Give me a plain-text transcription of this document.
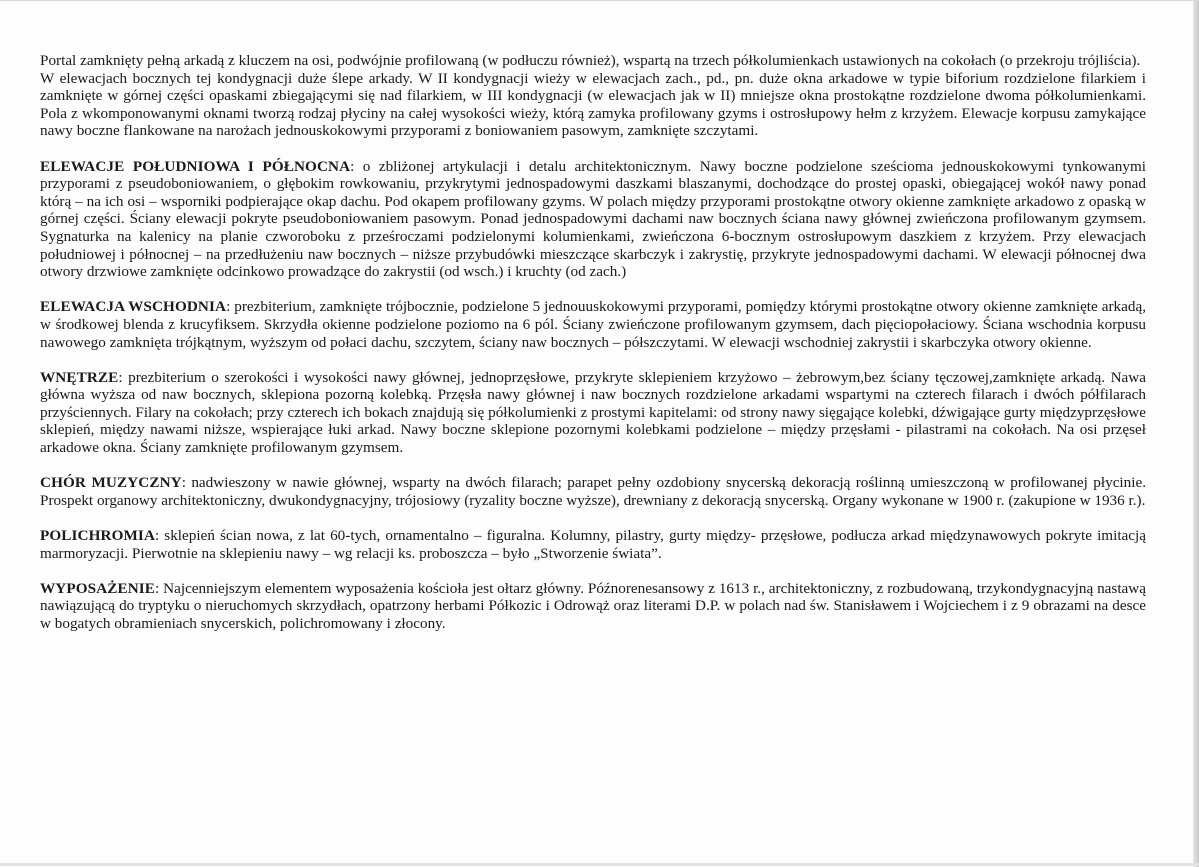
Portal zamknięty pełną arkadą z kluczem na osi, podwójnie profilowaną (w podłuczu również), wspartą na trzech półkolumienkach ustawionych na cokołach (o przekroju trójliścia).
W elewacjach bocznych tej kondygnacji duże ślepe arkady. W II kondygnacji wieży w elewacjach zach., pd., pn. duże okna arkadowe w typie biforium rozdzielone filarkiem i zamknięte w górnej części opaskami zbiegającymi się nad filarkiem, w III kondygnacji (w elewacjach jak w II) mniejsze okna prostokątne rozdzielone dwoma półkolumienkami. Pola z wkomponowanymi oknami tworzą rodzaj płyciny na całej wysokości wieży, którą zamyka profilowany gzyms i ostrosłupowy hełm z krzyżem. Elewacje korpusu zamykające nawy boczne flankowane na narożach jednouskokowymi przyporami z boniowaniem pasowym, zamknięte szczytami.

ELEWACJE POŁUDNIOWA I PÓŁNOCNA: o zbliżonej artykulacji i detalu architektonicznym. Nawy boczne podzielone sześcioma jednouskokowymi tynkowanymi przyporami z pseudoboniowaniem, o głębokim rowkowaniu, przykrytymi jednospadowymi daszkami blaszanymi, dochodzące do prostej opaski, obiegającej wokół nawy ponad którą – na ich osi – wsporniki podpierające okap dachu. Pod okapem profilowany gzyms. W polach między przyporami prostokątne otwory okienne zamknięte arkadowo z opaską w górnej części. Ściany elewacji pokryte pseudoboniowaniem pasowym. Ponad jednospadowymi dachami naw bocznych ściana nawy głównej zwieńczona profilowanym gzymsem. Sygnaturka na kalenicy na planie czworoboku z prześroczami podzielonymi kolumienkami, zwieńczona 6-bocznym ostrosłupowym daszkiem z krzyżem. Przy elewacjach południowej i północnej – na przedłużeniu naw bocznych – niższe przybudówki mieszczące skarbczyk i zakrystię, przykryte jednospadowymi dachami. W elewacji północnej dwa otwory drzwiowe zamknięte odcinkowo prowadzące do zakrystii (od wsch.) i kruchty (od zach.)

ELEWACJA WSCHODNIA: prezbiterium, zamknięte trójbocznie, podzielone 5 jednouuskokowymi przyporami, pomiędzy którymi prostokątne otwory okienne zamknięte arkadą, w środkowej blenda z krucyfiksem. Skrzydła okienne podzielone poziomo na 6 pól. Ściany zwieńczone profilowanym gzymsem, dach pięciopołaciowy. Ściana wschodnia korpusu nawowego zamknięta trójkątnym, wyższym od połaci dachu, szczytem, ściany naw bocznych – półszczytami. W elewacji wschodniej zakrystii i skarbczyka otwory okienne.

WNĘTRZE: prezbiterium o szerokości i wysokości nawy głównej, jednoprzęsłowe, przykryte sklepieniem krzyżowo – żebrowym,bez ściany tęczowej,zamknięte arkadą. Nawa główna wyższa od naw bocznych, sklepiona pozorną kolebką. Przęsła nawy głównej i naw bocznych rozdzielone arkadami wspartymi na czterech filarach i dwóch półfilarach przyściennych. Filary na cokołach; przy czterech ich bokach znajdują się półkolumienki z prostymi kapitelami: od strony nawy sięgające kolebki, dźwigające gurty międzyprzęsłowe sklepień, między nawami niższe, wspierające łuki arkad. Nawy boczne sklepione pozornymi kolebkami podzielone – między przęsłami - pilastrami na cokołach. Na osi przęseł arkadowe okna. Ściany zamknięte profilowanym gzymsem.

CHÓR MUZYCZNY: nadwieszony w nawie głównej, wsparty na dwóch filarach; parapet pełny ozdobiony snycerską dekoracją roślinną umieszczoną w profilowanej płycinie. Prospekt organowy architektoniczny, dwukondygnacyjny, trójosiowy (ryzality boczne wyższe), drewniany z dekoracją snycerską. Organy wykonane w 1900 r. (zakupione w 1936 r.).

POLICHROMIA: sklepień ścian nowa, z lat 60-tych, ornamentalno – figuralna. Kolumny, pilastry, gurty między- przęsłowe, podłucza arkad międzynawowych pokryte imitacją marmoryzacji. Pierwotnie na sklepieniu nawy – wg relacji ks. proboszcza – było „Stworzenie świata”.

WYPOSAŻENIE: Najcenniejszym elementem wyposażenia kościoła jest ołtarz główny. Późnorenesansowy z 1613 r., architektoniczny, z rozbudowaną, trzykondygnacyjną nastawą nawiązującą do tryptyku o nieruchomych skrzydłach, opatrzony herbami Półkozic i Odrowąż oraz literami D.P. w polach nad św. Stanisławem i Wojciechem i z 9 obrazami na desce w bogatych obramieniach snycerskich, polichromowany i złocony.
